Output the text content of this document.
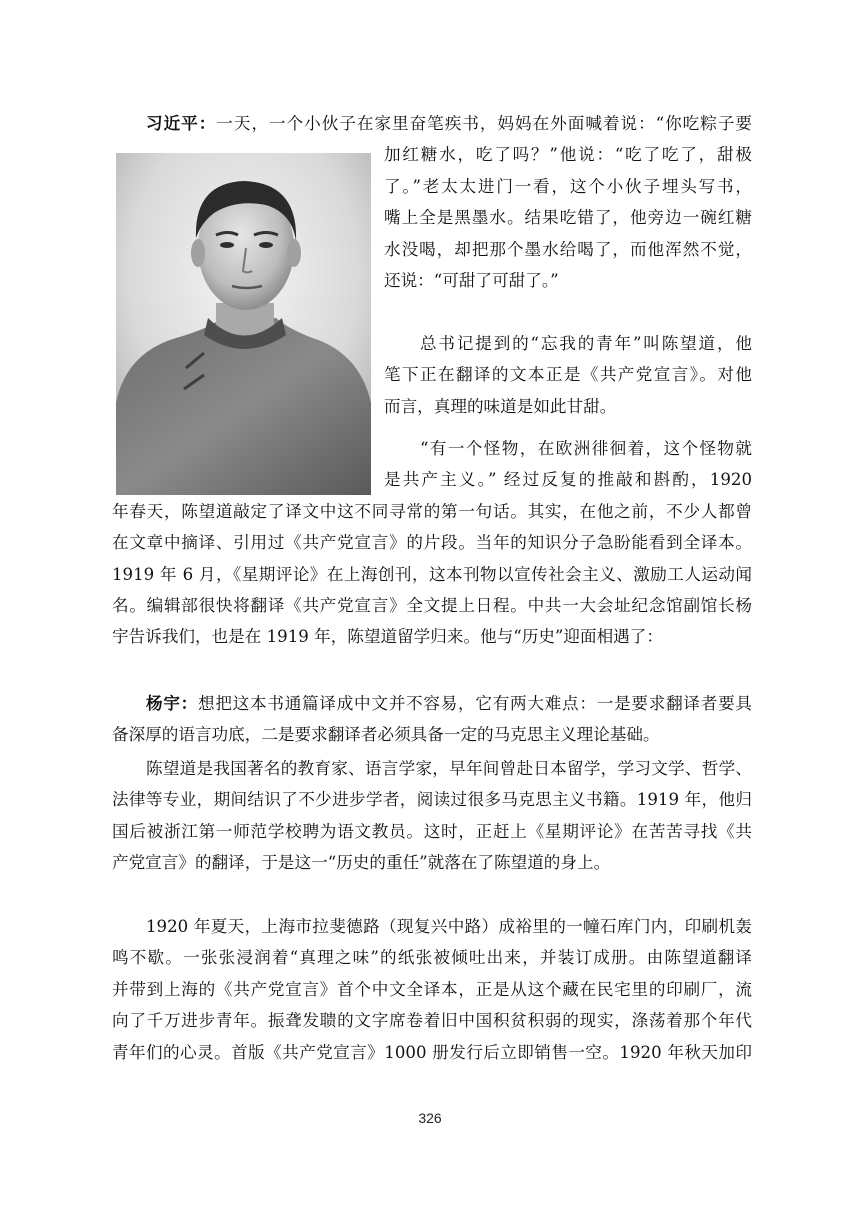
习近平：一天，一个小伙子在家里奋笔疾书，妈妈在外面喊着说：“你吃粽子要
加红糖水，吃了吗？”他说：“吃了吃了，甜极
了。”老太太进门一看，这个小伙子埋头写书，
嘴上全是黑墨水。结果吃错了，他旁边一碗红糖
水没喝，却把那个墨水给喝了，而他浑然不觉，
还说：“可甜了可甜了。”
总书记提到的“忘我的青年”叫陈望道，他
笔下正在翻译的文本正是《共产党宣言》。对他
而言，真理的味道是如此甘甜。
“有一个怪物，在欧洲徘徊着，这个怪物就
是共产主义。” 经过反复的推敲和斟酌，1920
年春天，陈望道敲定了译文中这不同寻常的第一句话。其实，在他之前，不少人都曾
在文章中摘译、引用过《共产党宣言》的片段。当年的知识分子急盼能看到全译本。
1919 年 6 月，《星期评论》在上海创刊，这本刊物以宣传社会主义、激励工人运动闻
名。编辑部很快将翻译《共产党宣言》全文提上日程。中共一大会址纪念馆副馆长杨
宇告诉我们，也是在 1919 年，陈望道留学归来。他与“历史”迎面相遇了：
杨宇：想把这本书通篇译成中文并不容易，它有两大难点：一是要求翻译者要具
备深厚的语言功底，二是要求翻译者必须具备一定的马克思主义理论基础。
陈望道是我国著名的教育家、语言学家，早年间曾赴日本留学，学习文学、哲学、
法律等专业，期间结识了不少进步学者，阅读过很多马克思主义书籍。1919 年，他归
国后被浙江第一师范学校聘为语文教员。这时，正赶上《星期评论》在苦苦寻找《共
产党宣言》的翻译，于是这一“历史的重任”就落在了陈望道的身上。
1920 年夏天，上海市拉斐德路（现复兴中路）成裕里的一幢石库门内，印刷机轰
鸣不歇。一张张浸润着“真理之味”的纸张被倾吐出来，并装订成册。由陈望道翻译
并带到上海的《共产党宣言》首个中文全译本，正是从这个藏在民宅里的印刷厂，流
向了千万进步青年。振聋发聩的文字席卷着旧中国积贫积弱的现实，涤荡着那个年代
青年们的心灵。首版《共产党宣言》1000 册发行后立即销售一空。1920 年秋天加印
326
